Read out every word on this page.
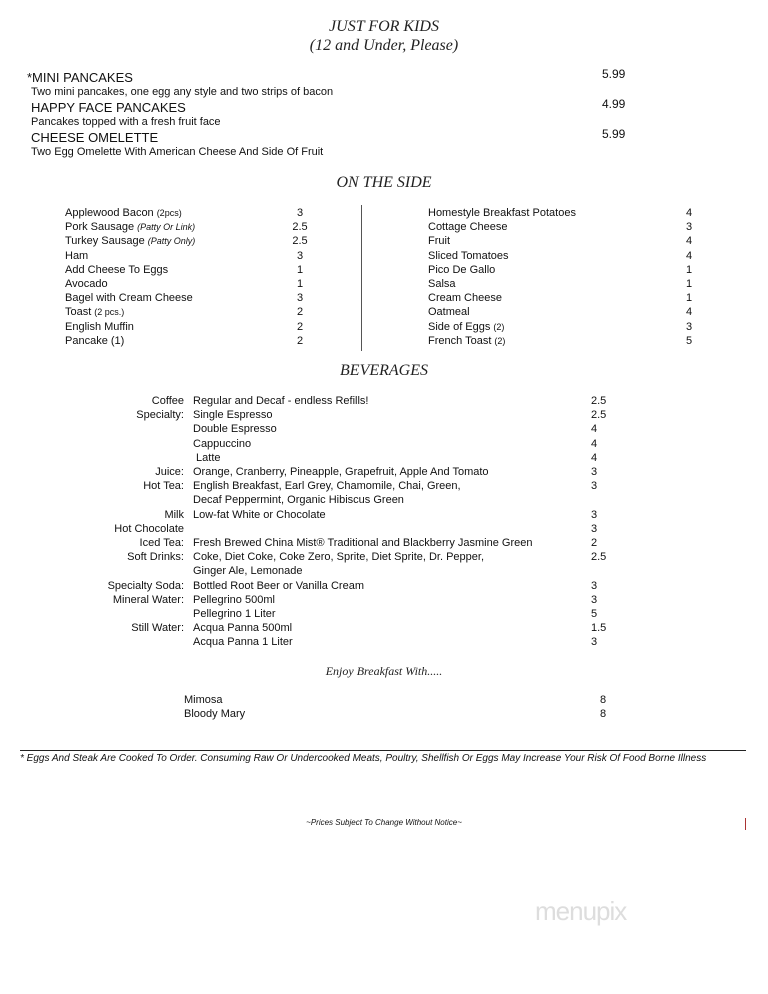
JUST FOR KIDS
(12 and Under, Please)
ON THE SIDE
BEVERAGES
Enjoy Breakfast With.....
* Eggs And Steak Are Cooked To Order. Consuming Raw Or Undercooked Meats, Poultry, Shellfish Or Eggs May Increase Your Risk Of Food Borne Illness
~Prices Subject To Change Without Notice~
menupix
*MINI PANCAKES	5.99
Two mini pancakes, one egg any style and two strips of bacon
HAPPY FACE PANCAKES	4.99
Pancakes topped with a fresh fruit face
CHEESE OMELETTE	5.99
Two Egg Omelette With American Cheese And Side Of Fruit
Applewood Bacon (2pcs)	3
Pork Sausage (Patty Or Link)	2.5
Turkey Sausage (Patty Only)	2.5
Ham	3
Add Cheese To Eggs	1
Avocado	1
Bagel with Cream Cheese	3
Toast (2 pcs.)	2
English Muffin	2
Pancake (1)	2
Homestyle Breakfast Potatoes	4
Cottage Cheese	3
Fruit	4
Sliced Tomatoes	4
Pico De Gallo	1
Salsa	1
Cream Cheese	1
Oatmeal	4
Side of Eggs (2)	3
French Toast (2)	5
Coffee Regular and Decaf - endless Refills!	2.5
Specialty: Single Espresso	2.5
Double Espresso	4
Cappuccino	4
Latte	4
Juice: Orange, Cranberry, Pineapple, Grapefruit, Apple And Tomato	3
Hot Tea: English Breakfast, Earl Grey, Chamomile, Chai, Green,	3
Decaf Peppermint, Organic Hibiscus Green
Milk Low-fat White or Chocolate	3
Hot Chocolate	3
Iced Tea: Fresh Brewed China Mist® Traditional and Blackberry Jasmine Green	2
Soft Drinks: Coke, Diet Coke, Coke Zero, Sprite, Diet Sprite, Dr. Pepper,	2.5
Ginger Ale, Lemonade
Specialty Soda: Bottled Root Beer or Vanilla Cream	3
Mineral Water: Pellegrino 500ml	3
Pellegrino 1 Liter	5
Still Water: Acqua Panna 500ml	1.5
Acqua Panna 1 Liter	3
Mimosa	8
Bloody Mary	8
